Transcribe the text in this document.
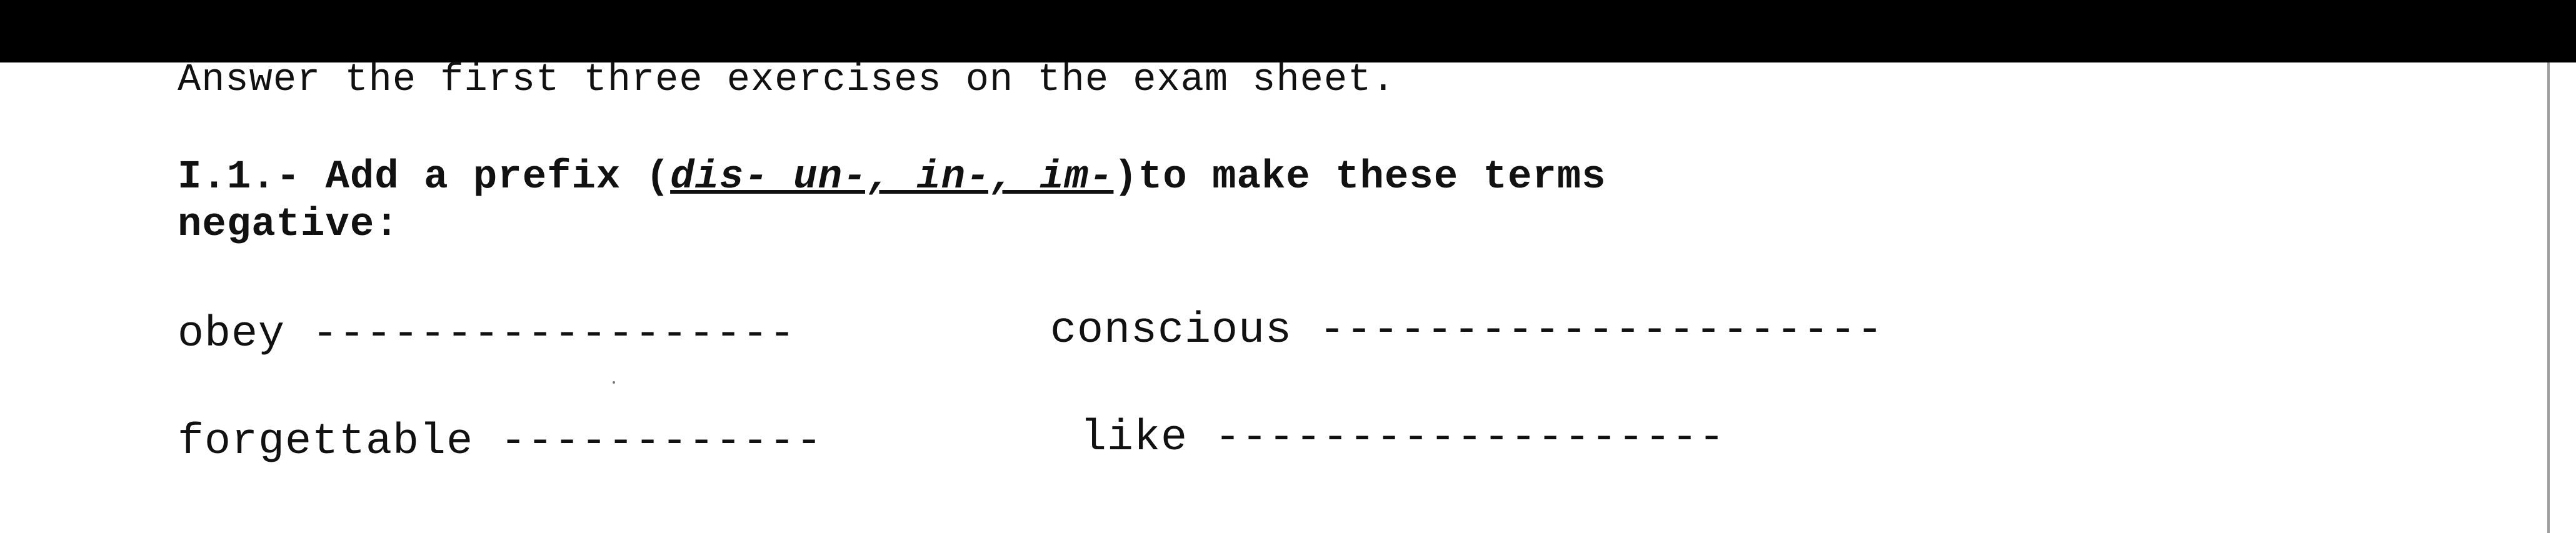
Answer the first three exercises on the exam sheet.
I.1.- Add a prefix (dis- un-, in-, im-)to make these terms
negative:
obey ------------------	conscious ---------------------
forgettable ------------	like -------------------
